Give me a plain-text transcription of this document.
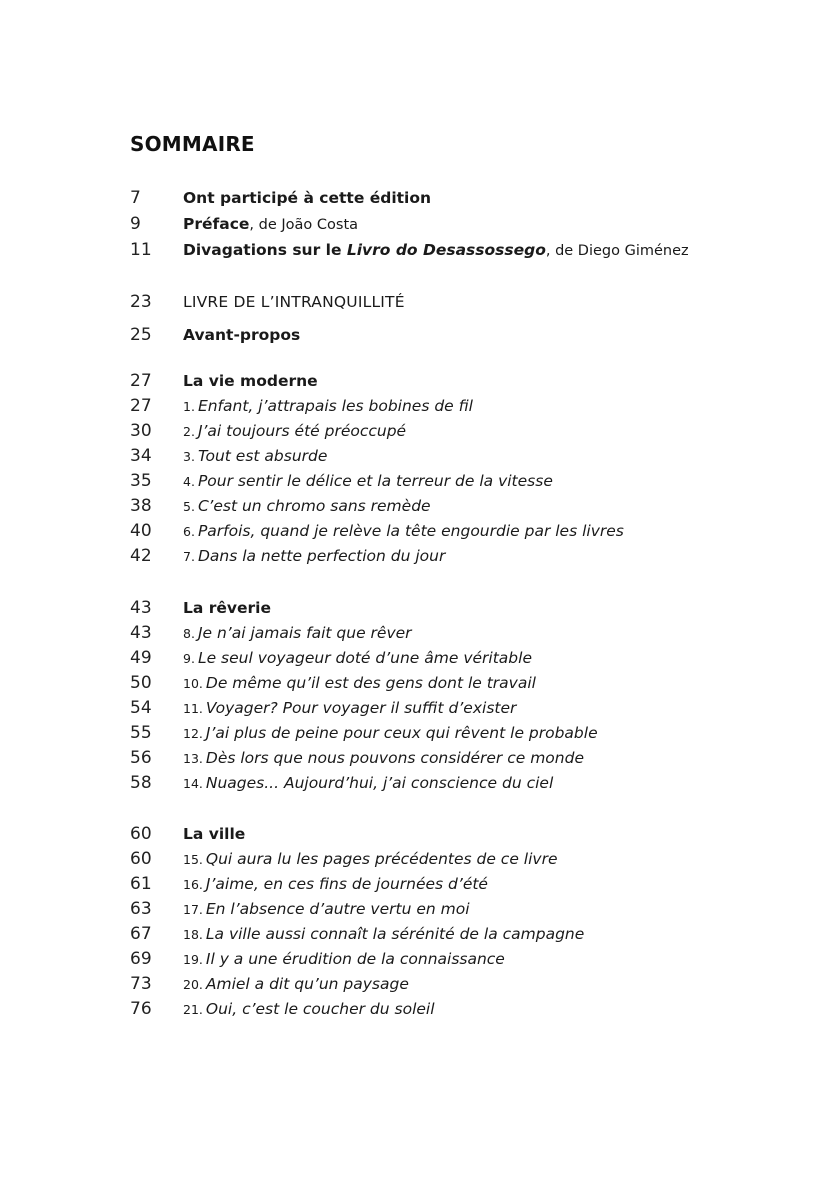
SOMMAIRE
7	Ont participé à cette édition
9	Préface, de João Costa
11	Divagations sur le Livro do Desassossego, de Diego Giménez
23	LIVRE DE L’INTRANQUILLITÉ
25	Avant-propos
27	La vie moderne
27	1. Enfant, j’attrapais les bobines de fil
30	2. J’ai toujours été préoccupé
34	3. Tout est absurde
35	4. Pour sentir le délice et la terreur de la vitesse
38	5. C’est un chromo sans remède
40	6. Parfois, quand je relève la tête engourdie par les livres
42	7. Dans la nette perfection du jour
43	La rêverie
43	8. Je n’ai jamais fait que rêver
49	9. Le seul voyageur doté d’une âme véritable
50	10. De même qu’il est des gens dont le travail
54	11. Voyager? Pour voyager il suffit d’exister
55	12. J’ai plus de peine pour ceux qui rêvent le probable
56	13. Dès lors que nous pouvons considérer ce monde
58	14. Nuages... Aujourd’hui, j’ai conscience du ciel
60	La ville
60	15. Qui aura lu les pages précédentes de ce livre
61	16. J’aime, en ces fins de journées d’été
63	17. En l’absence d’autre vertu en moi
67	18. La ville aussi connaît la sérénité de la campagne
69	19. Il y a une érudition de la connaissance
73	20. Amiel a dit qu’un paysage
76	21. Oui, c’est le coucher du soleil
